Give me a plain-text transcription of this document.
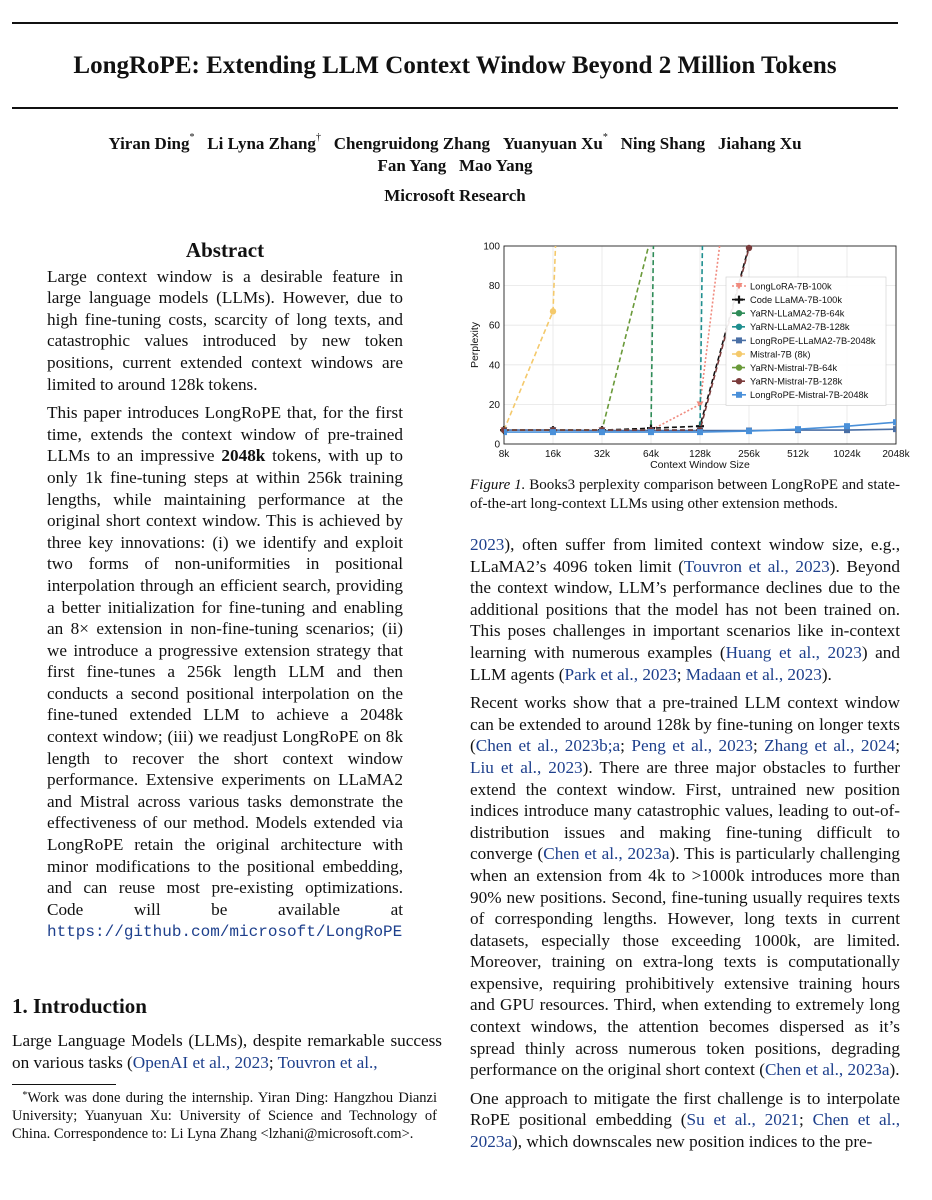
LongRoPE: Extending LLM Context Window Beyond 2 Million Tokens

Yiran Ding* Li Lyna Zhang† Chengruidong Zhang Yuanyuan Xu* Ning Shang Jiahang Xu

Fan Yang Mao Yang

Microsoft Research

Abstract

Large context window is a desirable feature in large language models (LLMs). However, due to high fine-tuning costs, scarcity of long texts, and catastrophic values introduced by new token positions, current extended context windows are limited to around 128k tokens.

This paper introduces LongRoPE that, for the first time, extends the context window of pre-trained LLMs to an impressive 2048k tokens, with up to only 1k fine-tuning steps at within 256k training lengths, while maintaining performance at the original short context window. This is achieved by three key innovations: (i) we identify and exploit two forms of non-uniformities in positional interpolation through an efficient search, providing a better initialization for fine-tuning and enabling an 8× extension in non-fine-tuning scenarios; (ii) we introduce a progressive extension strategy that first fine-tunes a 256k length LLM and then conducts a second positional interpolation on the fine-tuned extended LLM to achieve a 2048k context window; (iii) we readjust LongRoPE on 8k length to recover the short context window performance. Extensive experiments on LLaMA2 and Mistral across various tasks demonstrate the effectiveness of our method. Models extended via LongRoPE retain the original architecture with minor modifications to the positional embedding, and can reuse most pre-existing optimizations. Code will be available at https://github.com/microsoft/LongRoPE

1. Introduction
Large Language Models (LLMs), despite remarkable success on various tasks (OpenAI et al., 2023; Touvron et al.,
*Work was done during the internship. Yiran Ding: Hangzhou Dianzi University; Yuanyuan Xu: University of Science and Technology of China. Correspondence to: Li Lyna Zhang <lzhani@microsoft.com>.
0
20
40
60
80
100
8k	16k	32k	64k	128k	256k	512k 1024k 2048k
Context Window Size
Perplexity
LongLoRA-7B-100k
Code LLaMA-7B-100k
YaRN-LLaMA2-7B-64k
YaRN-LLaMA2-7B-128k
LongRoPE-LLaMA2-7B-2048k
Mistral-7B (8k)
YaRN-Mistral-7B-64k
YaRN-Mistral-7B-128k
LongRoPE-Mistral-7B-2048k
Figure 1. Books3 perplexity comparison between LongRoPE and state-of-the-art long-context LLMs using other extension methods.

2023), often suffer from limited context window size, e.g., LLaMA2’s 4096 token limit (Touvron et al., 2023). Beyond the context window, LLM’s performance declines due to the additional positions that the model has not been trained on. This poses challenges in important scenarios like in-context learning with numerous examples (Huang et al., 2023) and LLM agents (Park et al., 2023; Madaan et al., 2023).

Recent works show that a pre-trained LLM context window can be extended to around 128k by fine-tuning on longer texts (Chen et al., 2023b;a; Peng et al., 2023; Zhang et al., 2024; Liu et al., 2023). There are three major obstacles to further extend the context window. First, untrained new position indices introduce many catastrophic values, leading to out-of-distribution issues and making fine-tuning difficult to converge (Chen et al., 2023a). This is particularly challenging when an extension from 4k to >1000k introduces more than 90% new positions. Second, fine-tuning usually requires texts of corresponding lengths. However, long texts in current datasets, especially those exceeding 1000k, are limited. Moreover, training on extra-long texts is computationally expensive, requiring prohibitively extensive training hours and GPU resources. Third, when extending to extremely long context windows, the attention becomes dispersed as it’s spread thinly across numerous token positions, degrading performance on the original short context (Chen et al., 2023a).

One approach to mitigate the first challenge is to interpolate RoPE positional embedding (Su et al., 2021; Chen et al., 2023a), which downscales new position indices to the pre-
